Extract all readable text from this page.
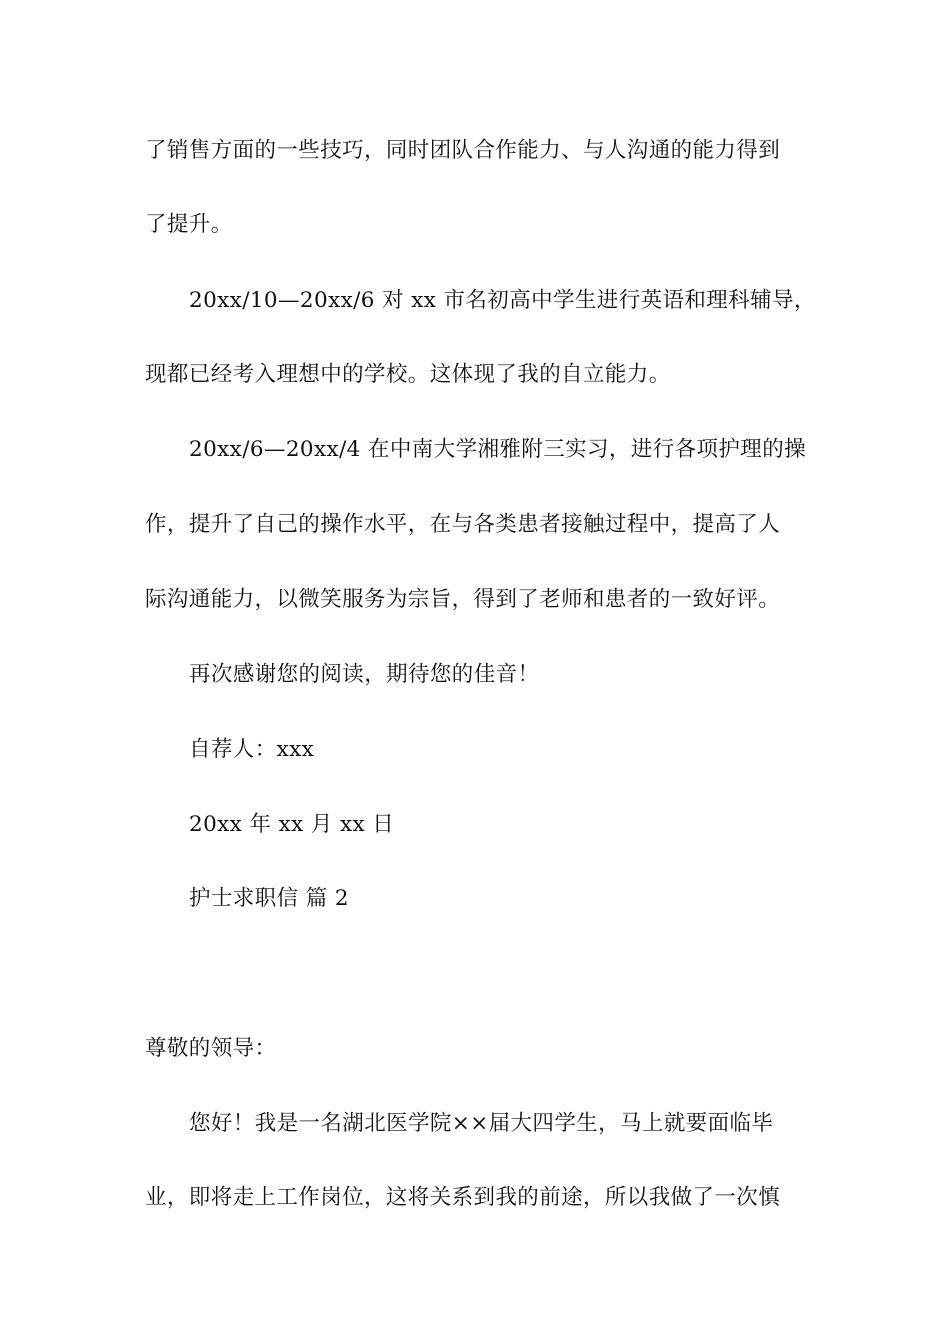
了销售方面的一些技巧，同时团队合作能力、与人沟通的能力得到
了提升。
20xx/10—20xx/6 对 xx 市名初高中学生进行英语和理科辅导，
现都已经考入理想中的学校。这体现了我的自立能力。
20xx/6—20xx/4 在中南大学湘雅附三实习，进行各项护理的操
作，提升了自己的操作水平，在与各类患者接触过程中，提高了人
际沟通能力，以微笑服务为宗旨，得到了老师和患者的一致好评。
再次感谢您的阅读，期待您的佳音！
自荐人：xxx
20xx 年 xx 月 xx 日
护士求职信 篇 2
尊敬的领导：
您好！我是一名湖北医学院××届大四学生，马上就要面临毕
业，即将走上工作岗位，这将关系到我的前途，所以我做了一次慎
